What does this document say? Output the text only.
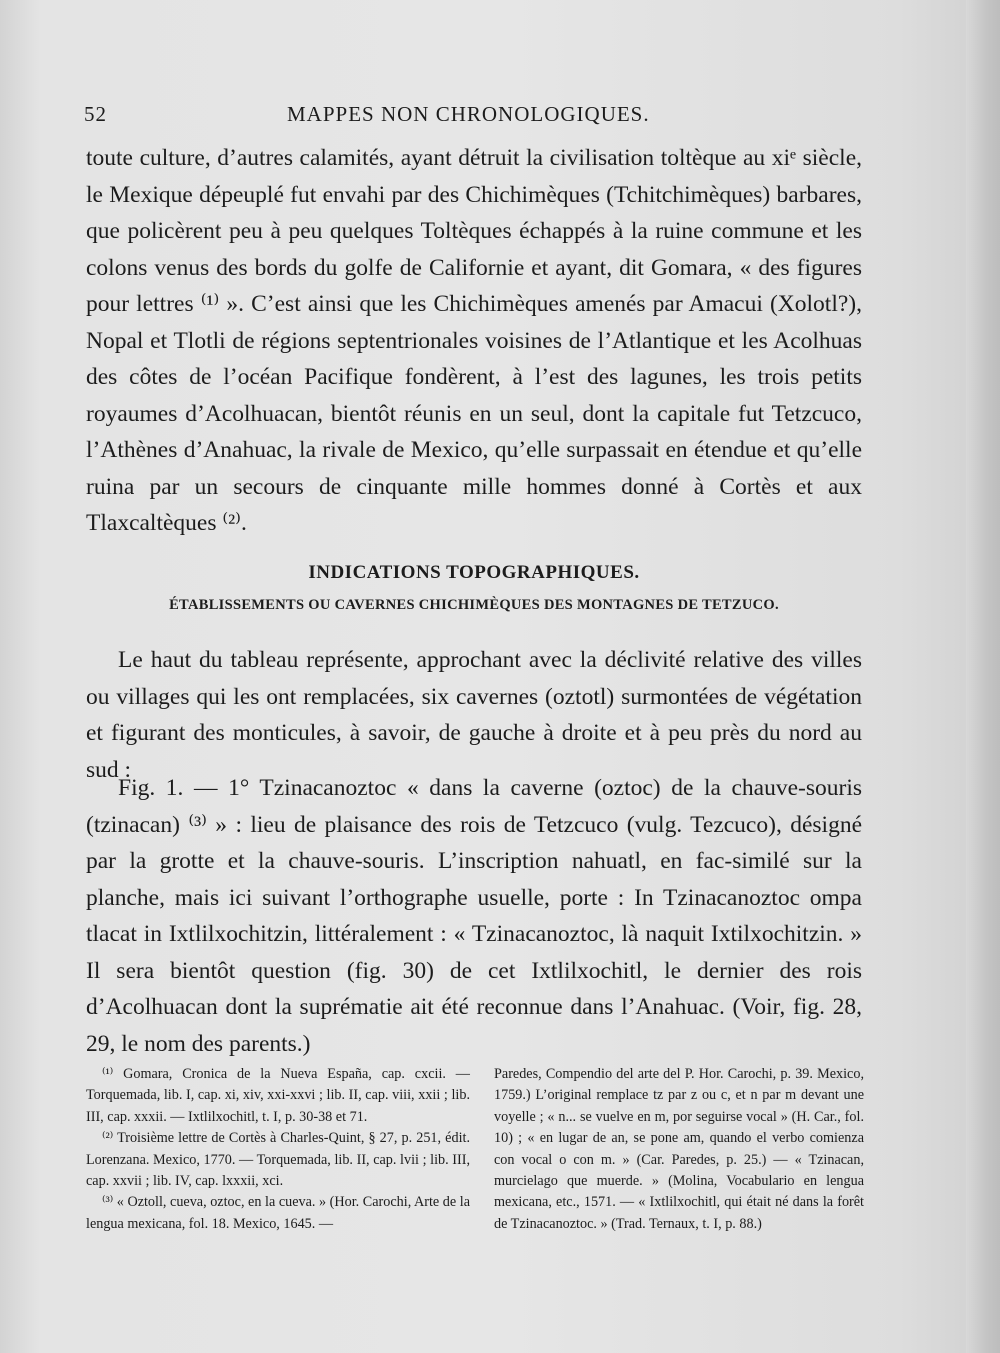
52	MAPPES NON CHRONOLOGIQUES.

toute culture, d’autres calamités, ayant détruit la civilisation toltèque au xiᵉ siècle, le Mexique dépeuplé fut envahi par des Chichimèques (Tchitchimèques) barbares, que policèrent peu à peu quelques Toltèques échappés à la ruine commune et les colons venus des bords du golfe de Californie et ayant, dit Gomara, « des figures pour lettres ⁽¹⁾ ». C’est ainsi que les Chichimèques amenés par Amacui (Xolotl?), Nopal et Tlotli de régions septentrionales voisines de l’Atlantique et les Acolhuas des côtes de l’océan Pacifique fondèrent, à l’est des lagunes, les trois petits royaumes d’Acolhuacan, bientôt réunis en un seul, dont la capitale fut Tetzcuco, l’Athènes d’Anahuac, la rivale de Mexico, qu’elle surpassait en étendue et qu’elle ruina par un secours de cinquante mille hommes donné à Cortès et aux Tlaxcaltèques ⁽²⁾.

INDICATIONS TOPOGRAPHIQUES.
ÉTABLISSEMENTS OU CAVERNES CHICHIMÈQUES DES MONTAGNES DE TETZUCO.

Le haut du tableau représente, approchant avec la déclivité relative des villes ou villages qui les ont remplacées, six cavernes (oztotl) surmontées de végétation et figurant des monticules, à savoir, de gauche à droite et à peu près du nord au sud :

Fig. 1. — 1° Tzinacanoztoc « dans la caverne (oztoc) de la chauve-souris (tzinacan) ⁽³⁾ » : lieu de plaisance des rois de Tetzcuco (vulg. Tezcuco), désigné par la grotte et la chauve-souris. L’inscription nahuatl, en fac-similé sur la planche, mais ici suivant l’orthographe usuelle, porte : In Tzinacanoztoc ompa tlacat in Ixtlilxochitzin, littéralement : « Tzinacanoztoc, là naquit Ixtilxochitzin. » Il sera bientôt question (fig. 30) de cet Ixtlilxochitl, le dernier des rois d’Acolhuacan dont la suprématie ait été reconnue dans l’Anahuac. (Voir, fig. 28, 29, le nom des parents.)

⁽¹⁾ Gomara, Cronica de la Nueva España, cap. cxcii. — Torquemada, lib. I, cap. xi, xiv, xxi-xxvi ; lib. II, cap. viii, xxii ; lib. III, cap. xxxii. — Ixtlilxochitl, t. I, p. 30-38 et 71.

⁽²⁾ Troisième lettre de Cortès à Charles-Quint, § 27, p. 251, édit. Lorenzana. Mexico, 1770. — Torquemada, lib. II, cap. lvii ; lib. III, cap. xxvii ; lib. IV, cap. lxxxii, xci.

⁽³⁾ « Oztoll, cueva, oztoc, en la cueva. » (Hor. Carochi, Arte de la lengua mexicana, fol. 18. Mexico, 1645. —

Paredes, Compendio del arte del P. Hor. Carochi, p. 39. Mexico, 1759.) L’original remplace tz par z ou c, et n par m devant une voyelle ; « n... se vuelve en m, por seguirse vocal » (H. Car., fol. 10) ; « en lugar de an, se pone am, quando el verbo comienza con vocal o con m. » (Car. Paredes, p. 25.) — « Tzinacan, murcielago que muerde. » (Molina, Vocabulario en lengua mexicana, etc., 1571. — « Ixtlilxochitl, qui était né dans la forêt de Tzinacanoztoc. » (Trad. Ternaux, t. I, p. 88.)
